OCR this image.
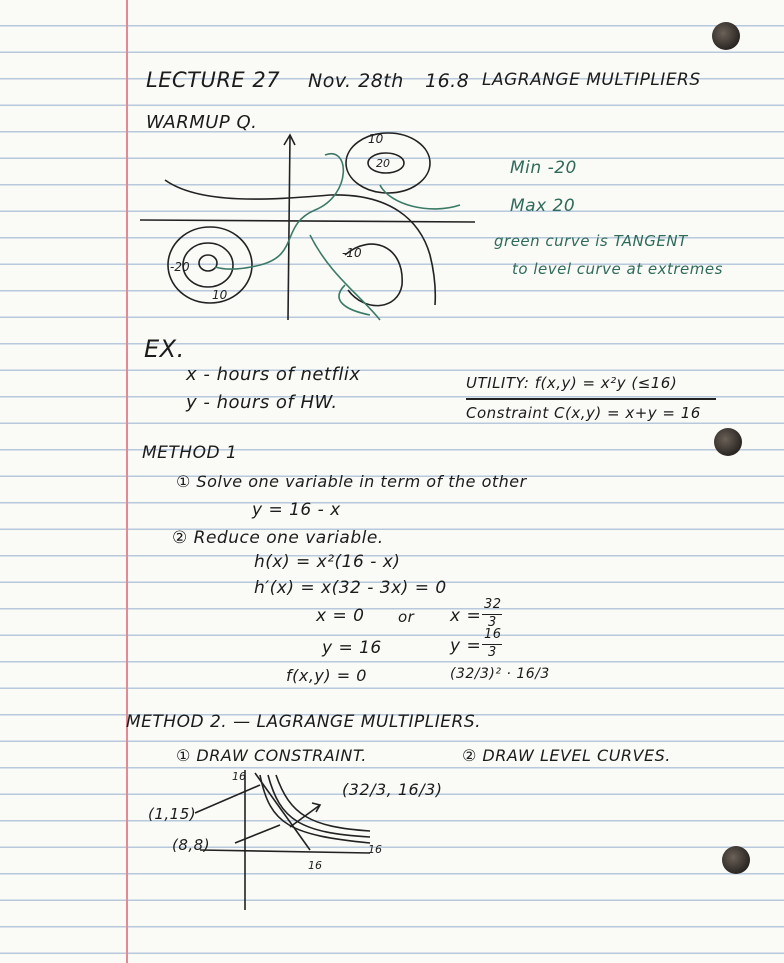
LECTURE 27 Nov. 28th 16.8 LAGRANGE MULTIPLIERS
WARMUP Q.
10
20
-20
-10
10
Min -20
Max 20
green curve is TANGENT
to level curve at extremes
EX.
x - hours of netflix
y - hours of HW.
UTILITY: f(x,y) = x²y (≤16)
Constraint C(x,y) = x+y = 16
METHOD 1
① Solve one variable in term of the other
y = 16 - x
② Reduce one variable.
h(x) = x²(16 - x)
h′(x) = x(32 - 3x) = 0
x = 0 or x =
32
3
y = 16	y =
16
3
f(x,y) = 0	(32/3)² · 16/3
METHOD 2. — LAGRANGE MULTIPLIERS.
① DRAW CONSTRAINT.	② DRAW LEVEL CURVES.
16
16
16
(1,15)
(8,8)
(32/3, 16/3)
